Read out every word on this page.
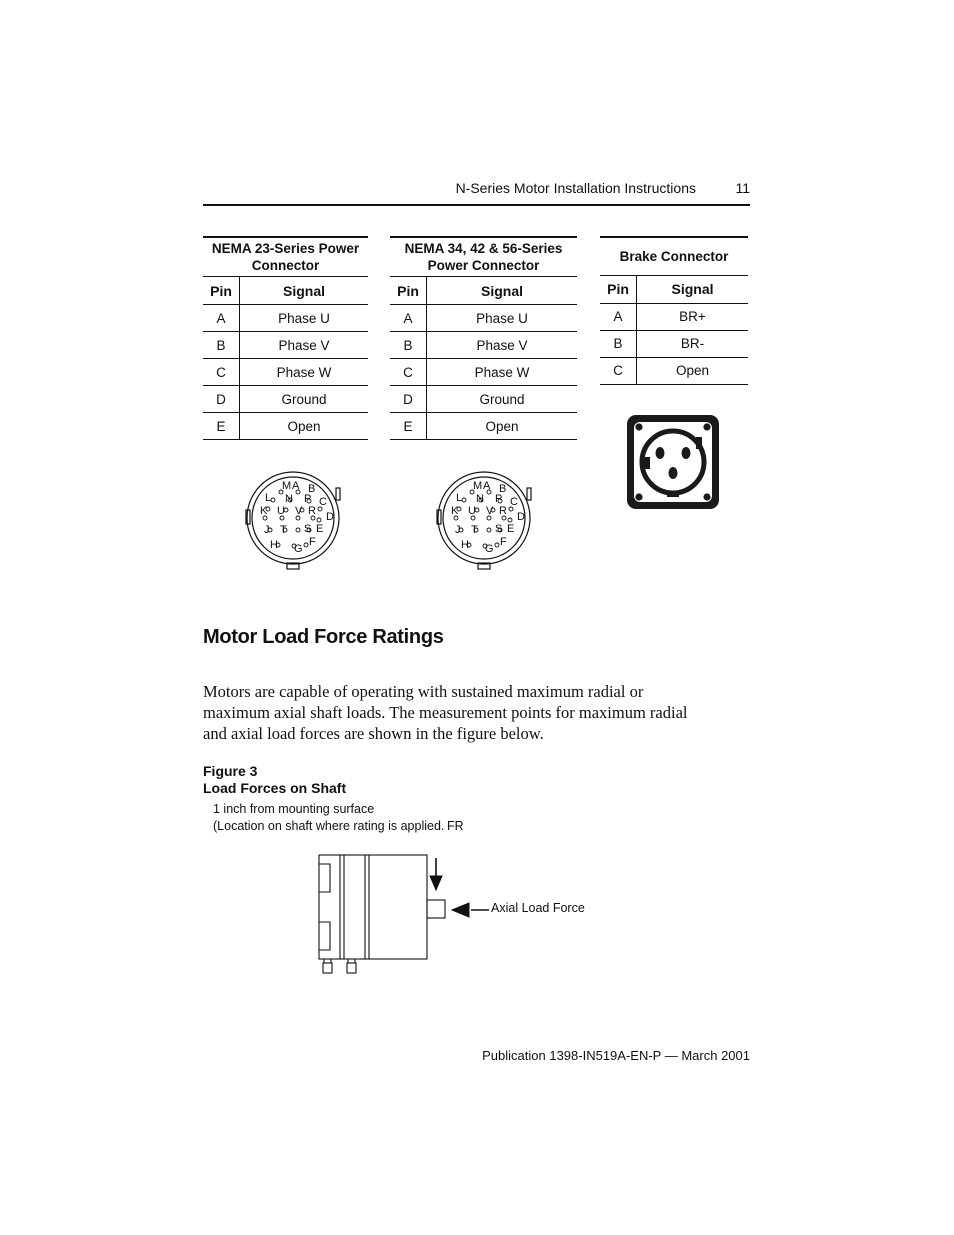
N-Series Motor Installation Instructions	11
NEMA 23-Series Power Connector	
Pin	Signal
A	Phase U
B	Phase V
C	Phase W
D	Ground
E	Open
NEMA 34, 42 & 56-Series Power Connector	
Pin	Signal
A	Phase U
B	Phase V
C	Phase W
D	Ground
E	Open
Brake Connector	
Pin	Signal
A	BR+
B	BR-
C	Open
M A B
L N P C
K U V R D
J T S E
H G
F
M A B
L N P C
K U V R D
J T S E
H G
F
Motor Load Force Ratings

Motors are capable of operating with sustained maximum radial or maximum axial shaft loads. The measurement points for maximum radial and axial load forces are shown in the figure below.

Figure 3
Load Forces on Shaft
1 inch from mounting surface
(Location on shaft where rating is applied. FR
Axial Load Force
Publication 1398-IN519A-EN-P — March 2001
